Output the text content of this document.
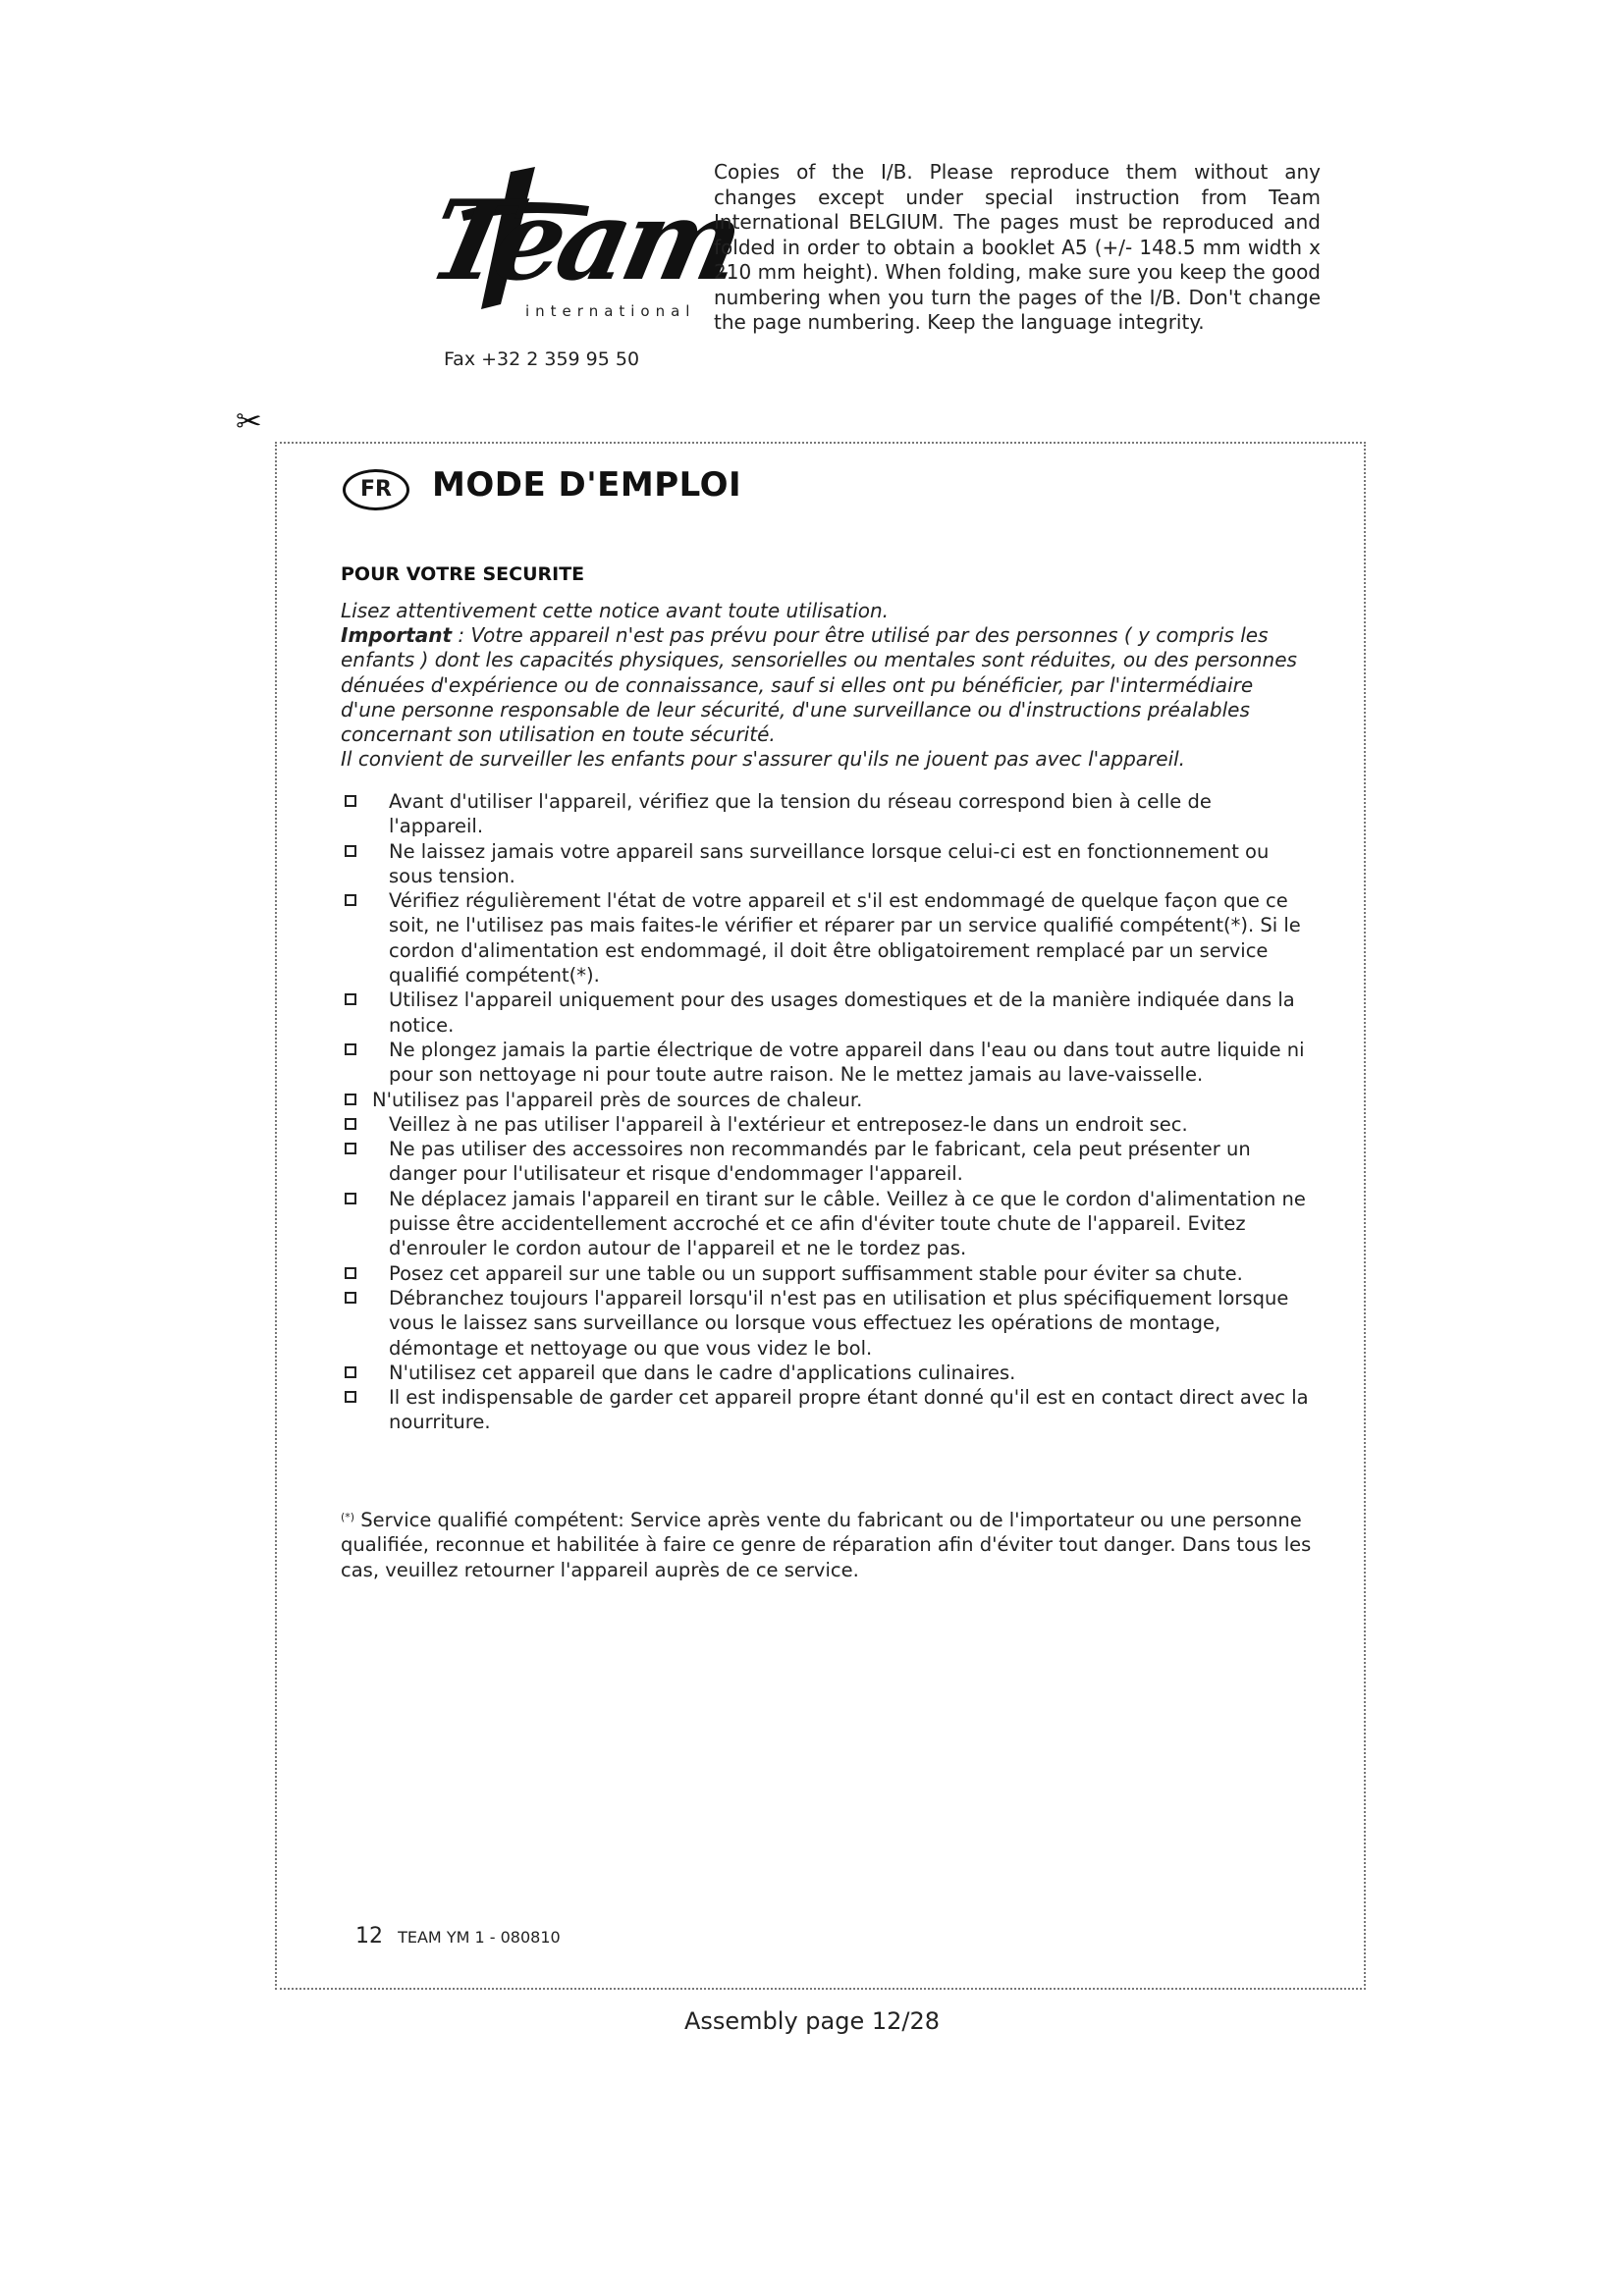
Team
international
Fax +32 2 359 95 50
Copies of the I/B. Please reproduce them without any changes except under special instruction from Team International BELGIUM. The pages must be reproduced and folded in order to obtain a booklet A5 (+/- 148.5 mm width x 210 mm height). When folding, make sure you keep the good numbering when you turn the pages of the I/B. Don't change the page numbering. Keep the language integrity.
✂
FR	MODE D'EMPLOI
POUR VOTRE SECURITE

Lisez attentivement cette notice avant toute utilisation.

Important : Votre appareil n'est pas prévu pour être utilisé par des personnes ( y compris les enfants ) dont les capacités physiques, sensorielles ou mentales sont réduites, ou des personnes dénuées d'expérience ou de connaissance, sauf si elles ont pu bénéficier, par l'intermédiaire d'une personne responsable de leur sécurité, d'une surveillance ou d'instructions préalables concernant son utilisation en toute sécurité.

Il convient de surveiller les enfants pour s'assurer qu'ils ne jouent pas avec l'appareil.

Avant d'utiliser l'appareil, vérifiez que la tension du réseau correspond bien à celle de l'appareil.
Ne laissez jamais votre appareil sans surveillance lorsque celui-ci est en fonctionnement ou sous tension.
Vérifiez régulièrement l'état de votre appareil et s'il est endommagé de quelque façon que ce soit, ne l'utilisez pas mais faites-le vérifier et réparer par un service qualifié compétent(*). Si le cordon d'alimentation est endommagé, il doit être obligatoirement remplacé par un service qualifié compétent(*).
Utilisez l'appareil uniquement pour des usages domestiques et de la manière indiquée dans la notice.
Ne plongez jamais la partie électrique de votre appareil dans l'eau ou dans tout autre liquide ni pour son nettoyage ni pour toute autre raison. Ne le mettez jamais au lave-vaisselle.
N'utilisez pas l'appareil près de sources de chaleur.
Veillez à ne pas utiliser l'appareil à l'extérieur et entreposez-le dans un endroit sec.
Ne pas utiliser des accessoires non recommandés par le fabricant, cela peut présenter un danger pour l'utilisateur et risque d'endommager l'appareil.
Ne déplacez jamais l'appareil en tirant sur le câble. Veillez à ce que le cordon d'alimentation ne puisse être accidentellement accroché et ce afin d'éviter toute chute de l'appareil. Evitez d'enrouler le cordon autour de l'appareil et ne le tordez pas.
Posez cet appareil sur une table ou un support suffisamment stable pour éviter sa chute.
Débranchez toujours l'appareil lorsqu'il n'est pas en utilisation et plus spécifiquement lorsque vous le laissez sans surveillance ou lorsque vous effectuez les opérations de montage, démontage et nettoyage ou que vous videz le bol.
N'utilisez cet appareil que dans le cadre d'applications culinaires.
Il est indispensable de garder cet appareil propre étant donné qu'il est en contact direct avec la nourriture.
(*) Service qualifié compétent: Service après vente du fabricant ou de l'importateur ou une personne qualifiée, reconnue et habilitée à faire ce genre de réparation afin d'éviter tout danger. Dans tous les cas, veuillez retourner l'appareil auprès de ce service.
12 TEAM YM 1 - 080810
Assembly page 12/28
